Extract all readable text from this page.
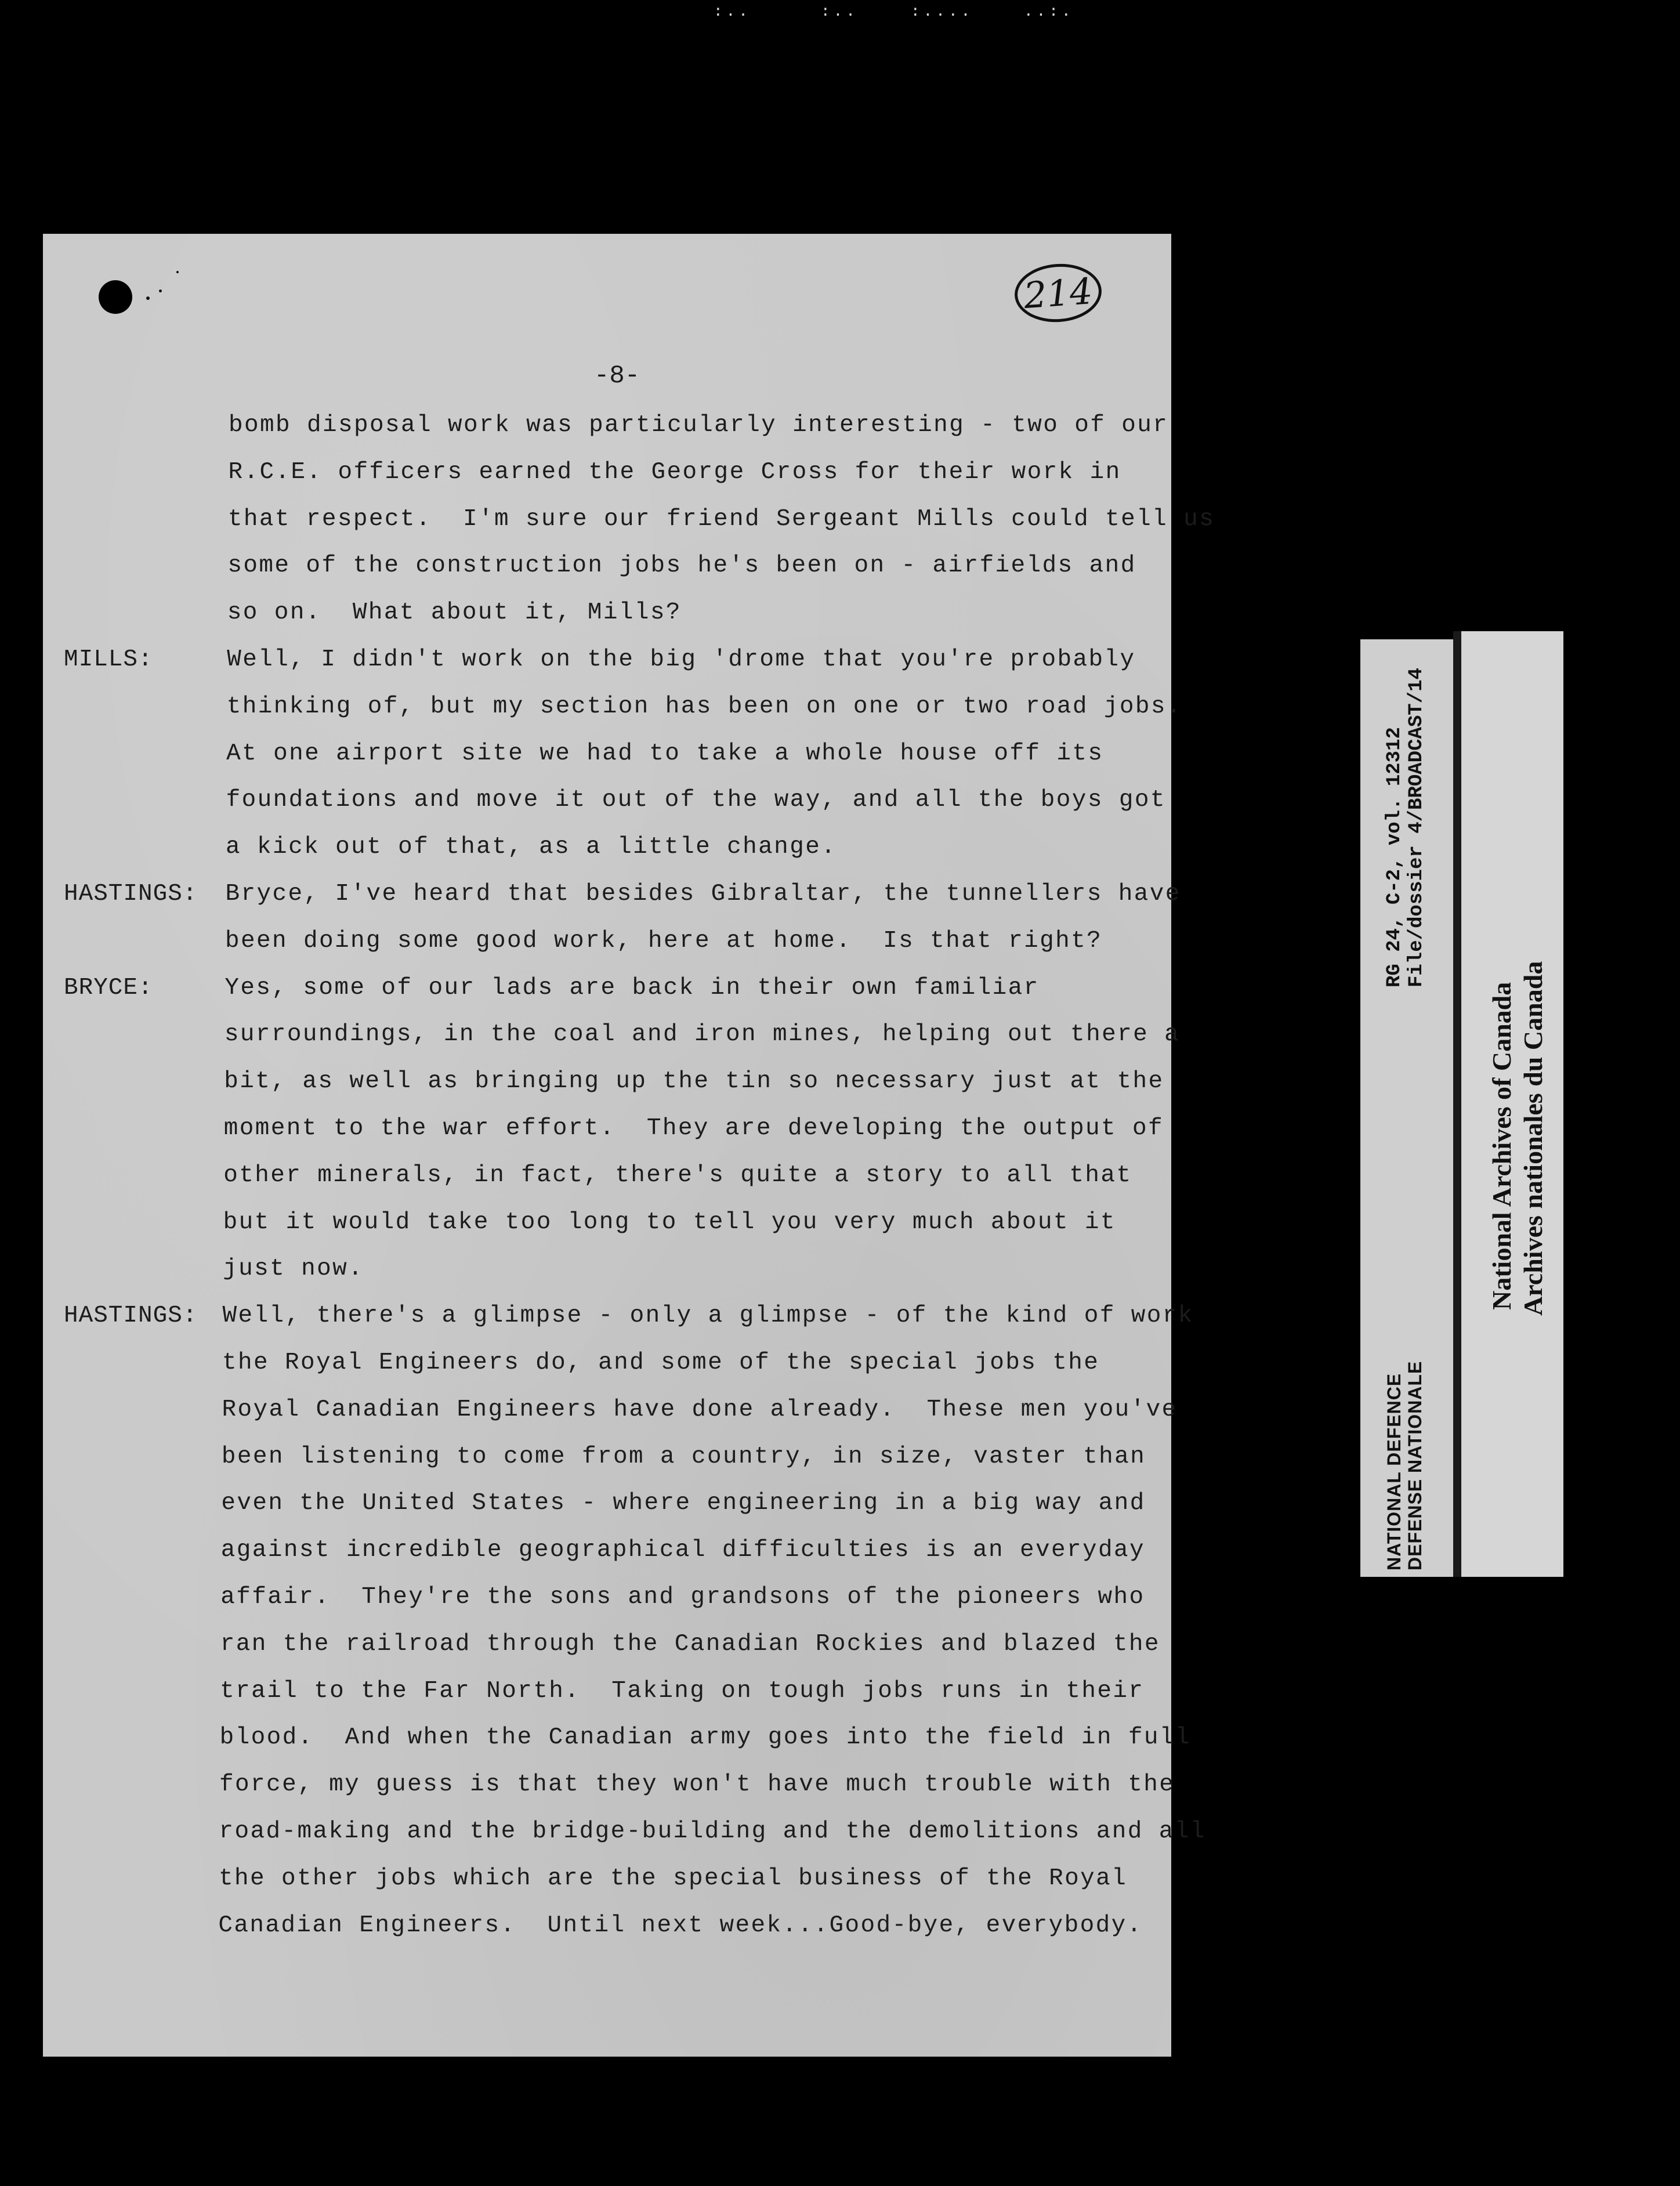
:..	:..	:....	..:.
214
-8-
bomb disposal work was particularly interesting - two of our
R.C.E. officers earned the George Cross for their work in
that respect.  I'm sure our friend Sergeant Mills could tell us
some of the construction jobs he's been on - airfields and
so on.  What about it, Mills?
MILLS:	Well, I didn't work on the big 'drome that you're probably
thinking of, but my section has been on one or two road jobs.
At one airport site we had to take a whole house off its
foundations and move it out of the way, and all the boys got
a kick out of that, as a little change.
HASTINGS: Bryce, I've heard that besides Gibraltar, the tunnellers have
been doing some good work, here at home.  Is that right?
BRYCE:	Yes, some of our lads are back in their own familiar
surroundings, in the coal and iron mines, helping out there a
bit, as well as bringing up the tin so necessary just at the
moment to the war effort.  They are developing the output of
other minerals, in fact, there's quite a story to all that
but it would take too long to tell you very much about it
just now.
HASTINGS: Well, there's a glimpse - only a glimpse - of the kind of work
the Royal Engineers do, and some of the special jobs the
Royal Canadian Engineers have done already.  These men you've
been listening to come from a country, in size, vaster than
even the United States - where engineering in a big way and
against incredible geographical difficulties is an everyday
affair.  They're the sons and grandsons of the pioneers who
ran the railroad through the Canadian Rockies and blazed the
trail to the Far North.  Taking on tough jobs runs in their
blood.  And when the Canadian army goes into the field in full
force, my guess is that they won't have much trouble with the
road-making and the bridge-building and the demolitions and all
the other jobs which are the special business of the Royal
Canadian Engineers.  Until next week...Good-bye, everybody.
RG 24, C-2, vol. 12312 File/dossier 4/BROADCAST/14
NATIONAL DEFENCE DEFENSE NATIONALE
National Archives of Canada Archives nationales du Canada
